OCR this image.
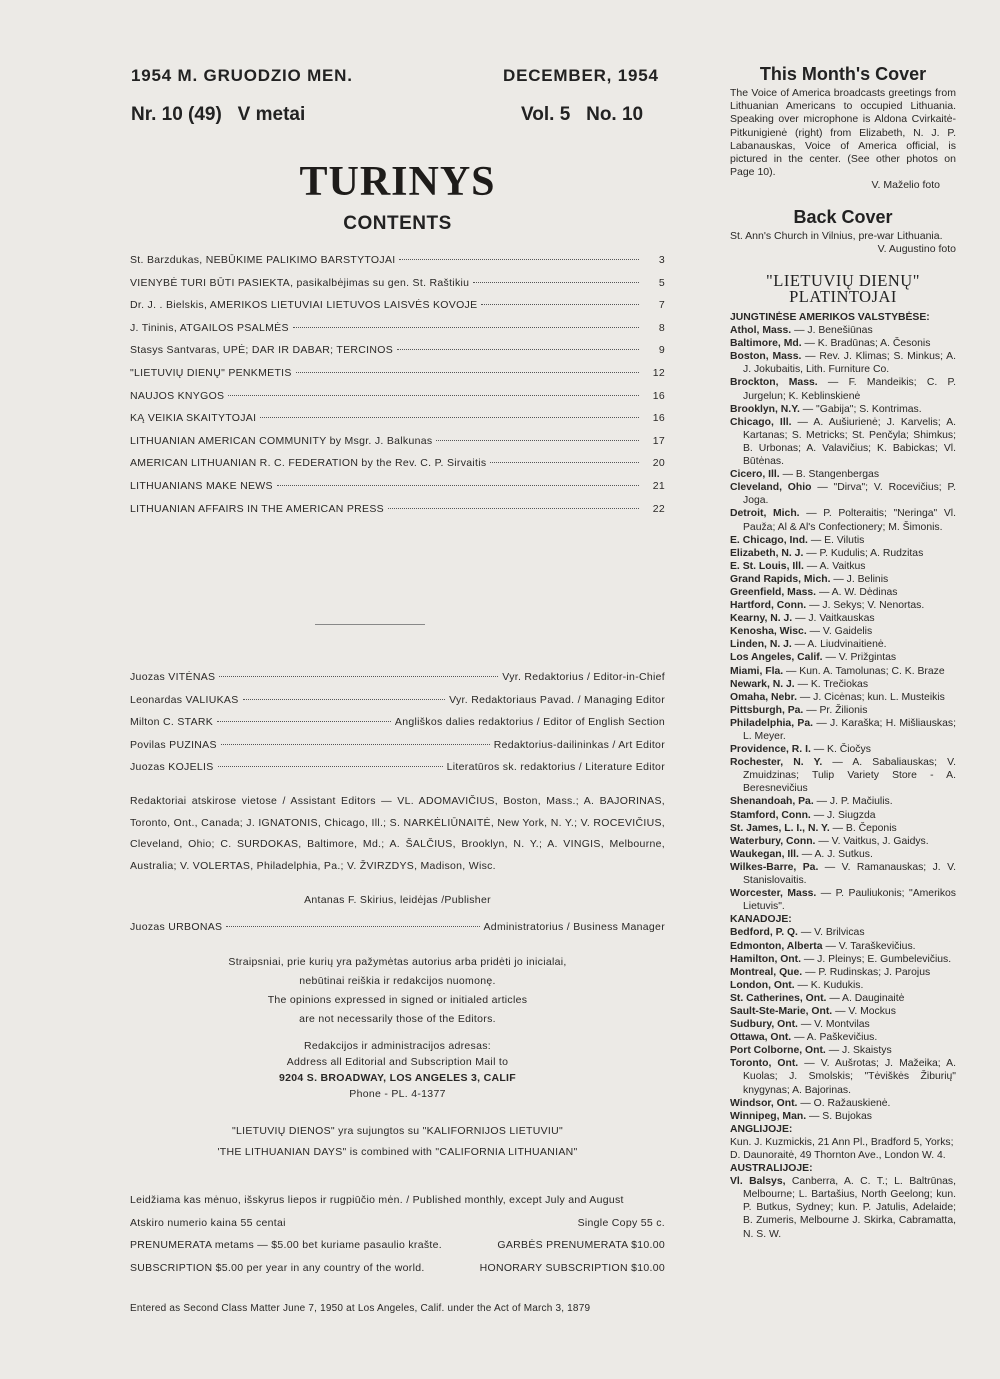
1954 M. GRUODZIO MEN.	DECEMBER, 1954
Nr. 10 (49)   V metai	Vol. 5   No. 10
TURINYS
CONTENTS
St. Barzdukas, NEBŪKIME PALIKIMO BARSTYTOJAI	3
VIENYBĖ TURI BŪTI PASIEKTA, pasikalbėjimas su gen. St. Raštikiu	5
Dr. J. . Bielskis, AMERIKOS LIETUVIAI LIETUVOS LAISVĖS KOVOJE	7
J. Tininis, ATGAILOS PSALMĖS	8
Stasys Santvaras, UPĖ; DAR IR DABAR; TERCINOS	9
"LIETUVIŲ DIENŲ" PENKMETIS	12
NAUJOS KNYGOS	16
KĄ VEIKIA SKAITYTOJAI	16
LITHUANIAN AMERICAN COMMUNITY by Msgr. J. Balkunas	17
AMERICAN LITHUANIAN R. C. FEDERATION by the Rev. C. P. Sirvaitis	20
LITHUANIANS MAKE NEWS	21
LITHUANIAN AFFAIRS IN THE AMERICAN PRESS	22
Juozas VITĖNAS	Vyr. Redaktorius / Editor-in-Chief
Leonardas VALIUKAS	Vyr. Redaktoriaus Pavad. / Managing Editor
Milton C. STARK	Angliškos dalies redaktorius / Editor of English Section
Povilas PUZINAS	Redaktorius-dailininkas / Art Editor
Juozas KOJELIS	Literatūros sk. redaktorius / Literature Editor
Redaktoriai atskirose vietose / Assistant Editors — VL. ADOMAVIČIUS, Boston, Mass.; A. BAJORINAS, Toronto, Ont., Canada; J. IGNATONIS, Chicago, Ill.; S. NARKĖLIŪNAITĖ, New York, N. Y.; V. ROCEVIČIUS, Cleveland, Ohio; C. SURDOKAS, Baltimore, Md.; A. ŠALČIUS, Brooklyn, N. Y.; A. VINGIS, Melbourne, Australia; V. VOLERTAS, Philadelphia, Pa.; V. ŽVIRZDYS, Madison, Wisc.
Antanas F. Skirius, leidėjas /Publisher
Juozas URBONAS	Administratorius / Business Manager
Straipsniai, prie kurių yra pažymėtas autorius arba pridėti jo inicialai,
nebūtinai reiškia ir redakcijos nuomonę.
The opinions expressed in signed or initialed articles
are not necessarily those of the Editors.
Redakcijos ir administracijos adresas:
Address all Editorial and Subscription Mail to
9204 S. BROADWAY, LOS ANGELES 3, CALIF
Phone - PL. 4-1377
"LIETUVIŲ DIENOS" yra sujungtos su "KALIFORNIJOS LIETUVIU"
'THE LITHUANIAN DAYS" is combined with "CALIFORNIA LITHUANIAN"
Leidžiama kas mėnuo, išskyrus liepos ir rugpiūčio mėn. / Published monthly, except July and August
Atskiro numerio kaina 55 centai	Single Copy 55 c.
PRENUMERATA metams — $5.00 bet kuriame pasaulio krašte.	GARBĖS PRENUMERATA $10.00
SUBSCRIPTION $5.00 per year in any country of the world.	HONORARY SUBSCRIPTION $10.00
Entered as Second Class Matter June 7, 1950 at Los Angeles, Calif. under the Act of March 3, 1879
This Month's Cover
The Voice of America broadcasts greetings from Lithuanian Americans to occupied Lithuania. Speaking over microphone is Aldona Cvirkaitė-Pitkunigienė (right) from Elizabeth, N. J. P. Labanauskas, Voice of America official, is pictured in the center. (See other photos on Page 10).
V. Maželio foto
Back Cover
St. Ann's Church in Vilnius, pre-war Lithuania.
V. Augustino foto
"LIETUVIŲ DIENŲ"
PLATINTOJAI
JUNGTINĖSE AMERIKOS VALSTYBĖSE:
Athol, Mass. — J. Benešiūnas
Baltimore, Md. — K. Bradūnas; A. Česonis
Boston, Mass. — Rev. J. Klimas; S. Minkus; A. J. Jokubaitis, Lith. Furniture Co.
Brockton, Mass. — F. Mandeikis; C. P. Jurgelun; K. Keblinskienė
Brooklyn, N.Y. — "Gabija"; S. Kontrimas.
Chicago, Ill. — A. Aušiurienė; J. Karvelis; A. Kartanas; S. Metricks; St. Penčyla; Shimkus; B. Urbonas; A. Valavičius; K. Babickas; Vl. Būtėnas.
Cicero, Ill. — B. Stangenbergas
Cleveland, Ohio — "Dirva"; V. Rocevičius; P. Joga.
Detroit, Mich. — P. Polteraitis; "Neringa" Vl. Pauža; Al & Al's Confectionery; M. Šimonis.
E. Chicago, Ind. — E. Vilutis
Elizabeth, N. J. — P. Kudulis; A. Rudzitas
E. St. Louis, Ill. — A. Vaitkus
Grand Rapids, Mich. — J. Belinis
Greenfield, Mass. — A. W. Dėdinas
Hartford, Conn. — J. Sekys; V. Nenortas.
Kearny, N. J. — J. Vaitkauskas
Kenosha, Wisc. — V. Gaidelis
Linden, N. J. — A. Liudvinaitienė.
Los Angeles, Calif. — V. Prižgintas
Miami, Fla. — Kun. A. Tamolunas; C. K. Braze
Newark, N. J. — K. Trečiokas
Omaha, Nebr. — J. Cicėnas; kun. L. Musteikis
Pittsburgh, Pa. — Pr. Žilionis
Philadelphia, Pa. — J. Karaška; H. Mišliauskas; L. Meyer.
Providence, R. I. — K. Čiočys
Rochester, N. Y. — A. Sabaliauskas; V. Zmuidzinas; Tulip Variety Store - A. Beresnevičius
Shenandoah, Pa. — J. P. Mačiulis.
Stamford, Conn. — J. Siugzda
St. James, L. I., N. Y. — B. Čeponis
Waterbury, Conn. — V. Vaitkus, J. Gaidys.
Waukegan, Ill. — A. J. Sutkus.
Wilkes-Barre, Pa. — V. Ramanauskas; J. V. Stanislovaitis.
Worcester, Mass. — P. Pauliukonis; "Amerikos Lietuvis".
KANADOJE:
Bedford, P. Q. — V. Brilvicas
Edmonton, Alberta — V. Taraškevičius.
Hamilton, Ont. — J. Pleinys; E. Gumbelevičius.
Montreal, Que. — P. Rudinskas; J. Parojus
London, Ont. — K. Kudukis.
St. Catherines, Ont. — A. Dauginaitė
Sault-Ste-Marie, Ont. — V. Mockus
Sudbury, Ont. — V. Montvilas
Ottawa, Ont. — A. Paškevičius.
Port Colborne, Ont. — J. Skaistys
Toronto, Ont. — V. Aušrotas; J. Mažeika; A. Kuolas; J. Smolskis; "Tėviškės Žiburių" knygynas; A. Bajorinas.
Windsor, Ont. — O. Ražauskienė.
Winnipeg, Man. — S. Bujokas
ANGLIJOJE:
Kun. J. Kuzmickis, 21 Ann Pl., Bradford 5, Yorks;
D. Daunoraitė, 49 Thornton Ave., London W. 4.
AUSTRALIJOJE:
Vl. Balsys, Canberra, A. C. T.; L. Baltrūnas, Melbourne; L. Bartašius, North Geelong; kun. P. Butkus, Sydney; kun. P. Jatulis, Adelaide; B. Zumeris, Melbourne J. Skirka, Cabramatta, N. S. W.
